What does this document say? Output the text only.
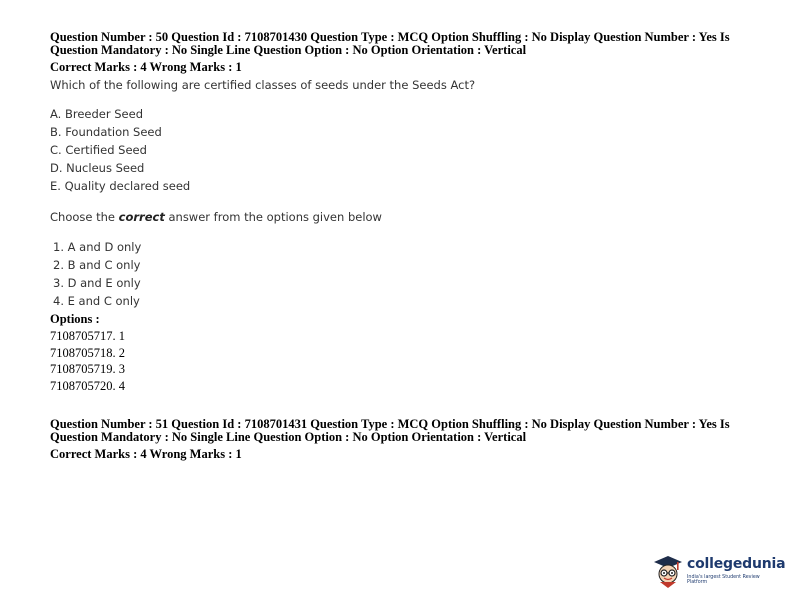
Question Number : 50 Question Id : 7108701430 Question Type : MCQ Option Shuffling : No Display Question Number : Yes Is
Question Mandatory : No Single Line Question Option : No Option Orientation : Vertical
Correct Marks : 4 Wrong Marks : 1
Which of the following are certified classes of seeds under the Seeds Act?
A. Breeder Seed
B. Foundation Seed
C. Certified Seed
D. Nucleus Seed
E. Quality declared seed
Choose the correct answer from the options given below
1. A and D only
2. B and C only
3. D and E only
4. E and C only
Options :
7108705717. 1
7108705718. 2
7108705719. 3
7108705720. 4
Question Number : 51 Question Id : 7108701431 Question Type : MCQ Option Shuffling : No Display Question Number : Yes Is
Question Mandatory : No Single Line Question Option : No Option Orientation : Vertical
Correct Marks : 4 Wrong Marks : 1
collegedunia
India's largest Student Review Platform
